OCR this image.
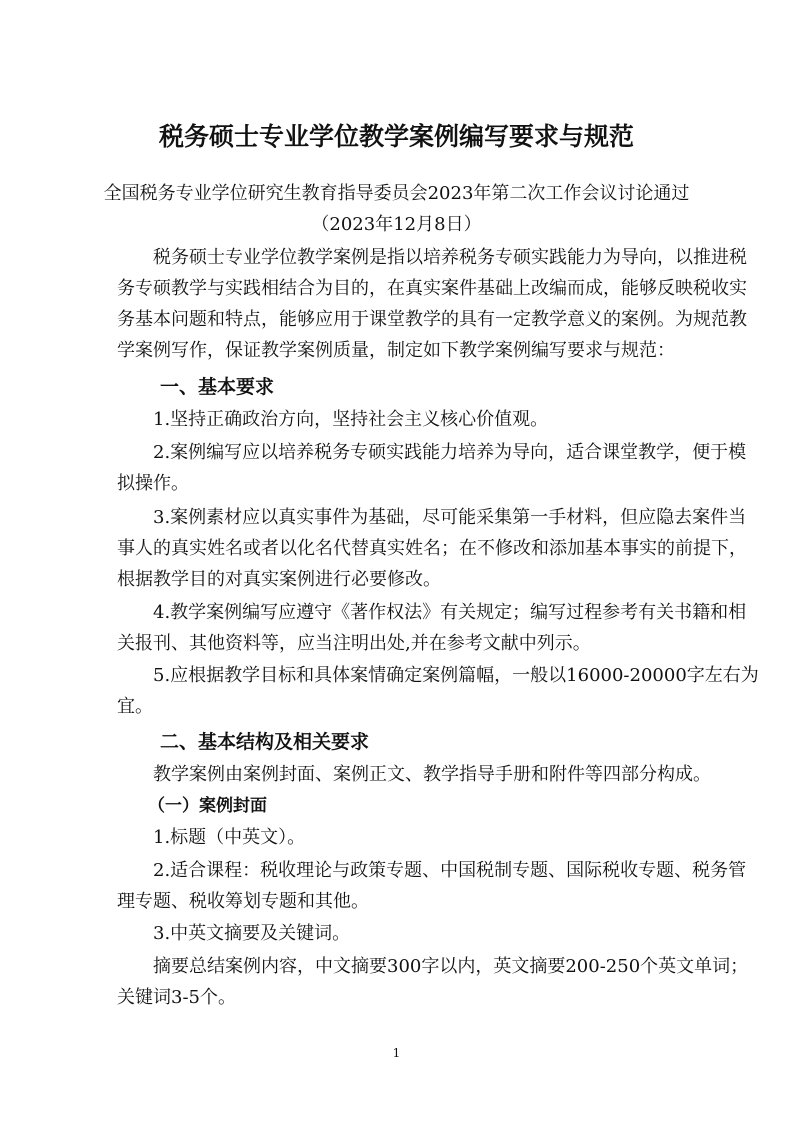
税务硕士专业学位教学案例编写要求与规范
全国税务专业学位研究生教育指导委员会2023年第二次工作会议讨论通过
（2023年12月8日）
税务硕士专业学位教学案例是指以培养税务专硕实践能力为导向，以推进税
务专硕教学与实践相结合为目的，在真实案件基础上改编而成，能够反映税收实
务基本问题和特点，能够应用于课堂教学的具有一定教学意义的案例。为规范教
学案例写作，保证教学案例质量，制定如下教学案例编写要求与规范：
一、基本要求
1.坚持正确政治方向，坚持社会主义核心价值观。
2.案例编写应以培养税务专硕实践能力培养为导向，适合课堂教学，便于模
拟操作。
3.案例素材应以真实事件为基础，尽可能采集第一手材料，但应隐去案件当
事人的真实姓名或者以化名代替真实姓名；在不修改和添加基本事实的前提下，
根据教学目的对真实案例进行必要修改。
4.教学案例编写应遵守《著作权法》有关规定；编写过程参考有关书籍和相
关报刊、其他资料等，应当注明出处,并在参考文献中列示。
5.应根据教学目标和具体案情确定案例篇幅，一般以16000-20000字左右为
宜。
二、基本结构及相关要求
教学案例由案例封面、案例正文、教学指导手册和附件等四部分构成。
（一）案例封面
1.标题（中英文）。
2.适合课程：税收理论与政策专题、中国税制专题、国际税收专题、税务管
理专题、税收筹划专题和其他。
3.中英文摘要及关键词。
摘要总结案例内容，中文摘要300字以内，英文摘要200-250个英文单词；
关键词3-5个。
1
